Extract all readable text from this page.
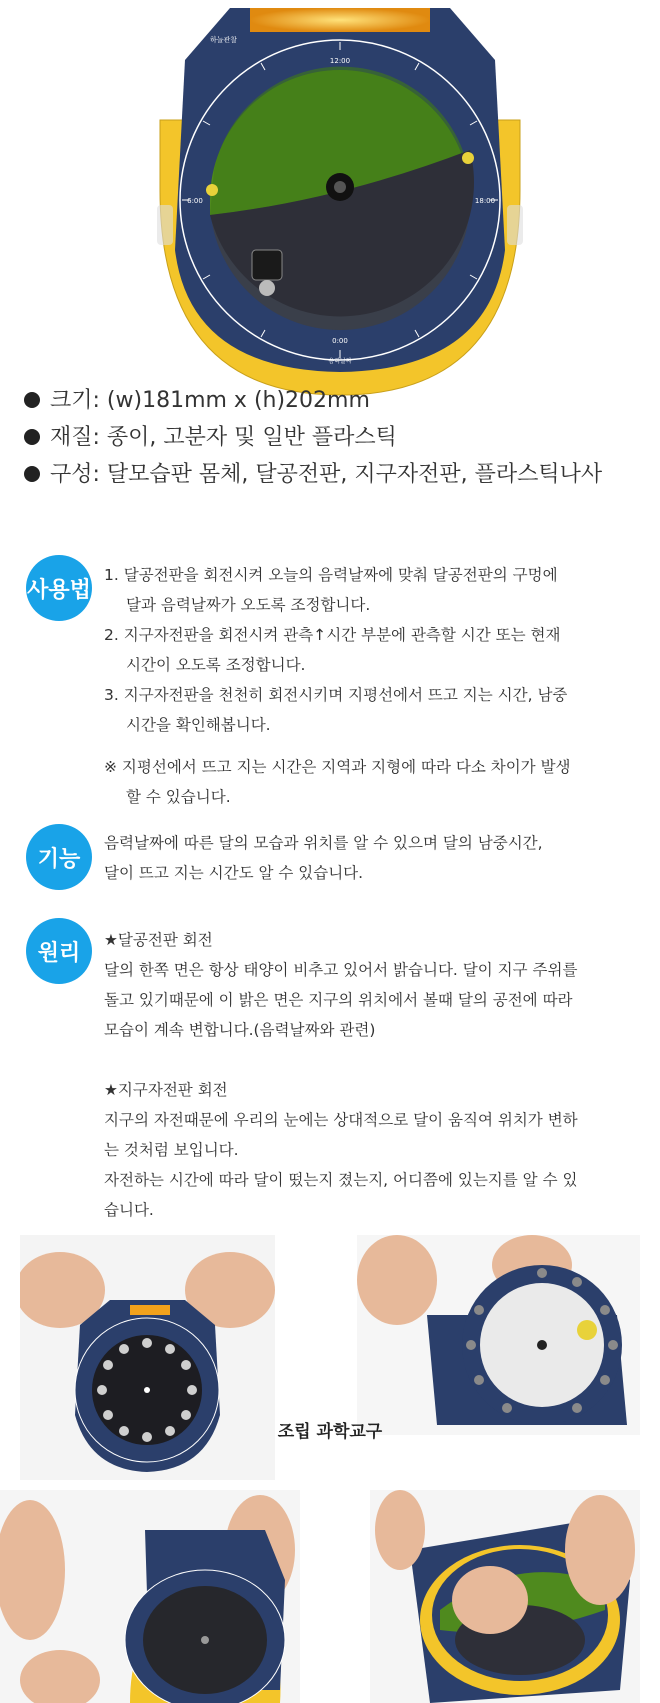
하늘관찰
12:00
0:00
18:00
6:00
음력날짜
크기: (w)181mm x (h)202mm
재질: 종이, 고분자 및 일반 플라스틱
구성: 달모습판 몸체, 달공전판, 지구자전판, 플라스틱나사
사용법
1. 달공전판을 회전시켜 오늘의 음력날짜에 맞춰 달공전판의 구멍에
달과 음력날짜가 오도록 조정합니다.
2. 지구자전판을 회전시켜 관측↑시간 부분에 관측할 시간 또는 현재
시간이 오도록 조정합니다.
3. 지구자전판을 천천히 회전시키며 지평선에서 뜨고 지는 시간, 남중
시간을 확인해봅니다.
※ 지평선에서 뜨고 지는 시간은 지역과 지형에 따라 다소 차이가 발생
할 수 있습니다.
기능
음력날짜에 따른 달의 모습과 위치를 알 수 있으며 달의 남중시간,
달이 뜨고 지는 시간도 알 수 있습니다.
원리
★달공전판 회전
달의 한쪽 면은 항상 태양이 비추고 있어서 밝습니다. 달이 지구 주위를
돌고 있기때문에 이 밝은 면은 지구의 위치에서 볼때 달의 공전에 따라
모습이 계속 변합니다.(음력날짜와 관련)
★지구자전판 회전
지구의 자전때문에 우리의 눈에는 상대적으로 달이 움직여 위치가 변하
는 것처럼 보입니다.
자전하는 시간에 따라 달이 떴는지 졌는지, 어디쯤에 있는지를 알 수 있
습니다.
조립 과학교구
